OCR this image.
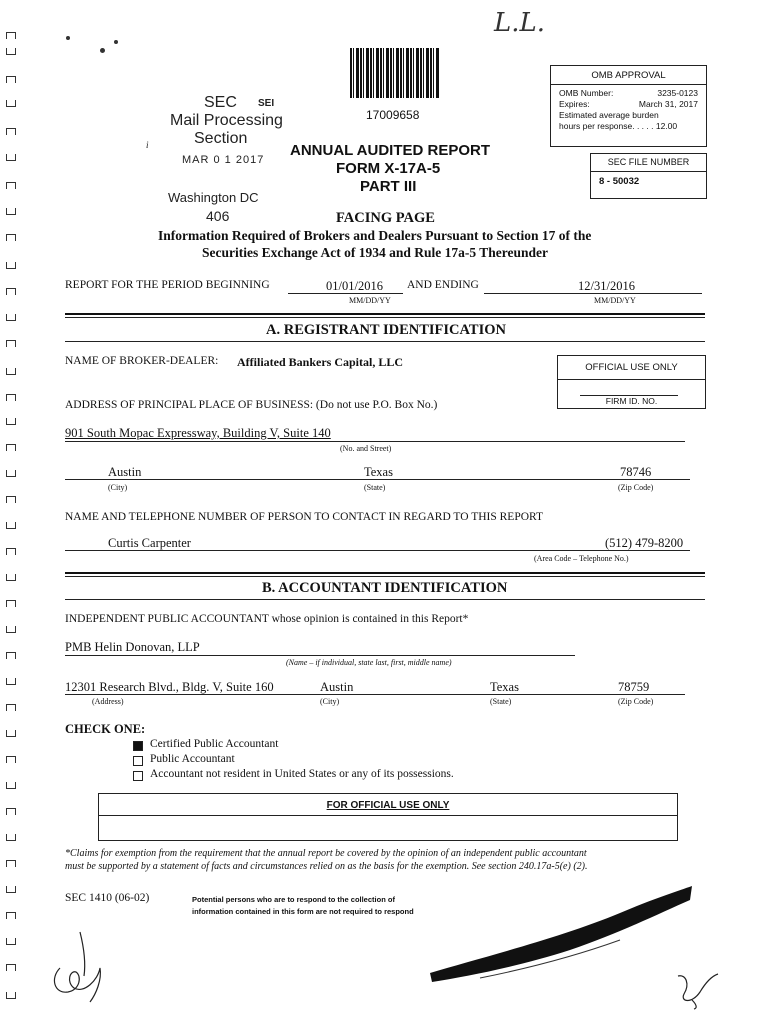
L.L.
17009658
OMB APPROVAL
OMB Number:	3235-0123
Expires:	March 31, 2017
Estimated average burden
hours per response. . . . . 12.00
SEC FILE NUMBER
8 - 50032
SEC SEI
Mail Processing
Section
MAR 0 1 2017
Washington DC
406
i	ANNUAL AUDITED REPORT
FORM X-17A-5
PART III
FACING PAGE
Information Required of Brokers and Dealers Pursuant to Section 17 of the
Securities Exchange Act of 1934 and Rule 17a-5 Thereunder
REPORT FOR THE PERIOD BEGINNING	01/01/2016 AND ENDING	12/31/2016
MM/DD/YY	MM/DD/YY
A. REGISTRANT IDENTIFICATION
NAME OF BROKER-DEALER: Affiliated Bankers Capital, LLC	OFFICIAL USE ONLY
FIRM ID. NO.
ADDRESS OF PRINCIPAL PLACE OF BUSINESS: (Do not use P.O. Box No.)
901 South Mopac Expressway, Building V, Suite 140
(No. and Street)
Austin	Texas	78746
(City)	(State)	(Zip Code)
NAME AND TELEPHONE NUMBER OF PERSON TO CONTACT IN REGARD TO THIS REPORT
Curtis Carpenter	(512) 479-8200
(Area Code – Telephone No.)
B. ACCOUNTANT IDENTIFICATION
INDEPENDENT PUBLIC ACCOUNTANT whose opinion is contained in this Report*
PMB Helin Donovan, LLP
(Name – if individual, state last, first, middle name)
12301 Research Blvd., Bldg. V, Suite 160	Austin	Texas	78759
(Address)	(City)	(State)	(Zip Code)
CHECK ONE:
Certified Public Accountant
Public Accountant
Accountant not resident in United States or any of its possessions.
FOR OFFICIAL USE ONLY
*Claims for exemption from the requirement that the annual report be covered by the opinion of an independent public accountant
must be supported by a statement of facts and circumstances relied on as the basis for the exemption. See section 240.17a-5(e) (2).
SEC 1410 (06-02)	Potential persons who are to respond to the collection of
information contained in this form are not required to respond
